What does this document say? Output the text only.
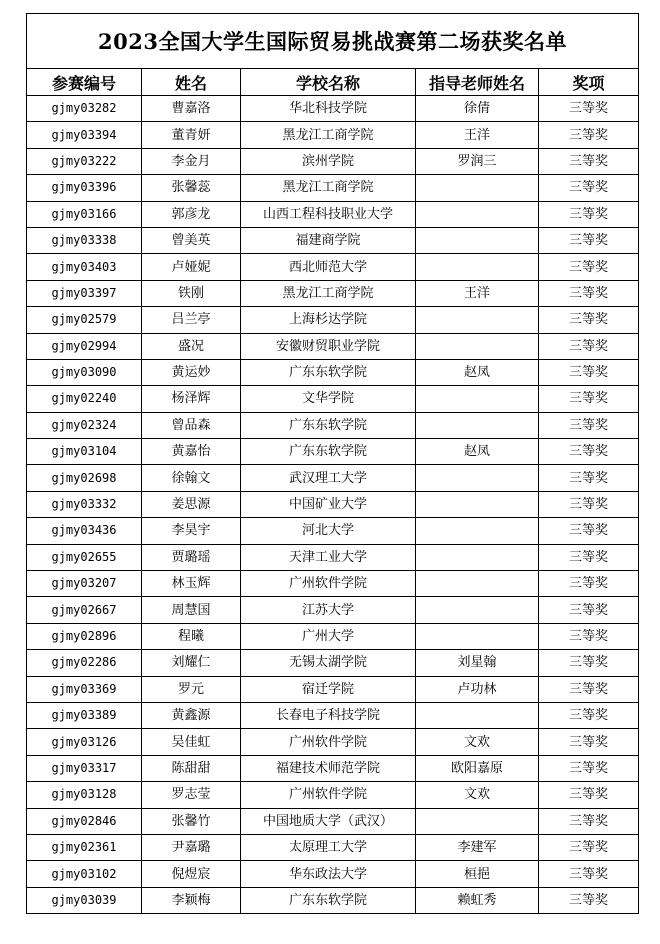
2023全国大学生国际贸易挑战赛第二场获奖名单				
参赛编号	姓名	学校名称	指导老师姓名	奖项
gjmy03282	曹嘉洛	华北科技学院	徐倩	三等奖
gjmy03394	董青妍	黑龙江工商学院	王洋	三等奖
gjmy03222	李金月	滨州学院	罗润三	三等奖
gjmy03396	张馨蕊	黑龙江工商学院		三等奖
gjmy03166	郭彦龙	山西工程科技职业大学		三等奖
gjmy03338	曾美英	福建商学院		三等奖
gjmy03403	卢娅妮	西北师范大学		三等奖
gjmy03397	铁刚	黑龙江工商学院	王洋	三等奖
gjmy02579	吕兰亭	上海杉达学院		三等奖
gjmy02994	盛况	安徽财贸职业学院		三等奖
gjmy03090	黄运妙	广东东软学院	赵凤	三等奖
gjmy02240	杨泽辉	文华学院		三等奖
gjmy02324	曾品森	广东东软学院		三等奖
gjmy03104	黄嘉怡	广东东软学院	赵凤	三等奖
gjmy02698	徐翰文	武汉理工大学		三等奖
gjmy03332	姜思源	中国矿业大学		三等奖
gjmy03436	李昊宇	河北大学		三等奖
gjmy02655	贾璐瑶	天津工业大学		三等奖
gjmy03207	林玉辉	广州软件学院		三等奖
gjmy02667	周慧国	江苏大学		三等奖
gjmy02896	程曦	广州大学		三等奖
gjmy02286	刘耀仁	无锡太湖学院	刘星翰	三等奖
gjmy03369	罗元	宿迁学院	卢功林	三等奖
gjmy03389	黄鑫源	长春电子科技学院		三等奖
gjmy03126	吴佳虹	广州软件学院	文欢	三等奖
gjmy03317	陈甜甜	福建技术师范学院	欧阳嘉原	三等奖
gjmy03128	罗志莹	广州软件学院	文欢	三等奖
gjmy02846	张馨竹	中国地质大学（武汉）		三等奖
gjmy02361	尹嘉璐	太原理工大学	李建军	三等奖
gjmy03102	倪煜宸	华东政法大学	桓挹	三等奖
gjmy03039	李颖梅	广东东软学院	赖虹秀	三等奖
